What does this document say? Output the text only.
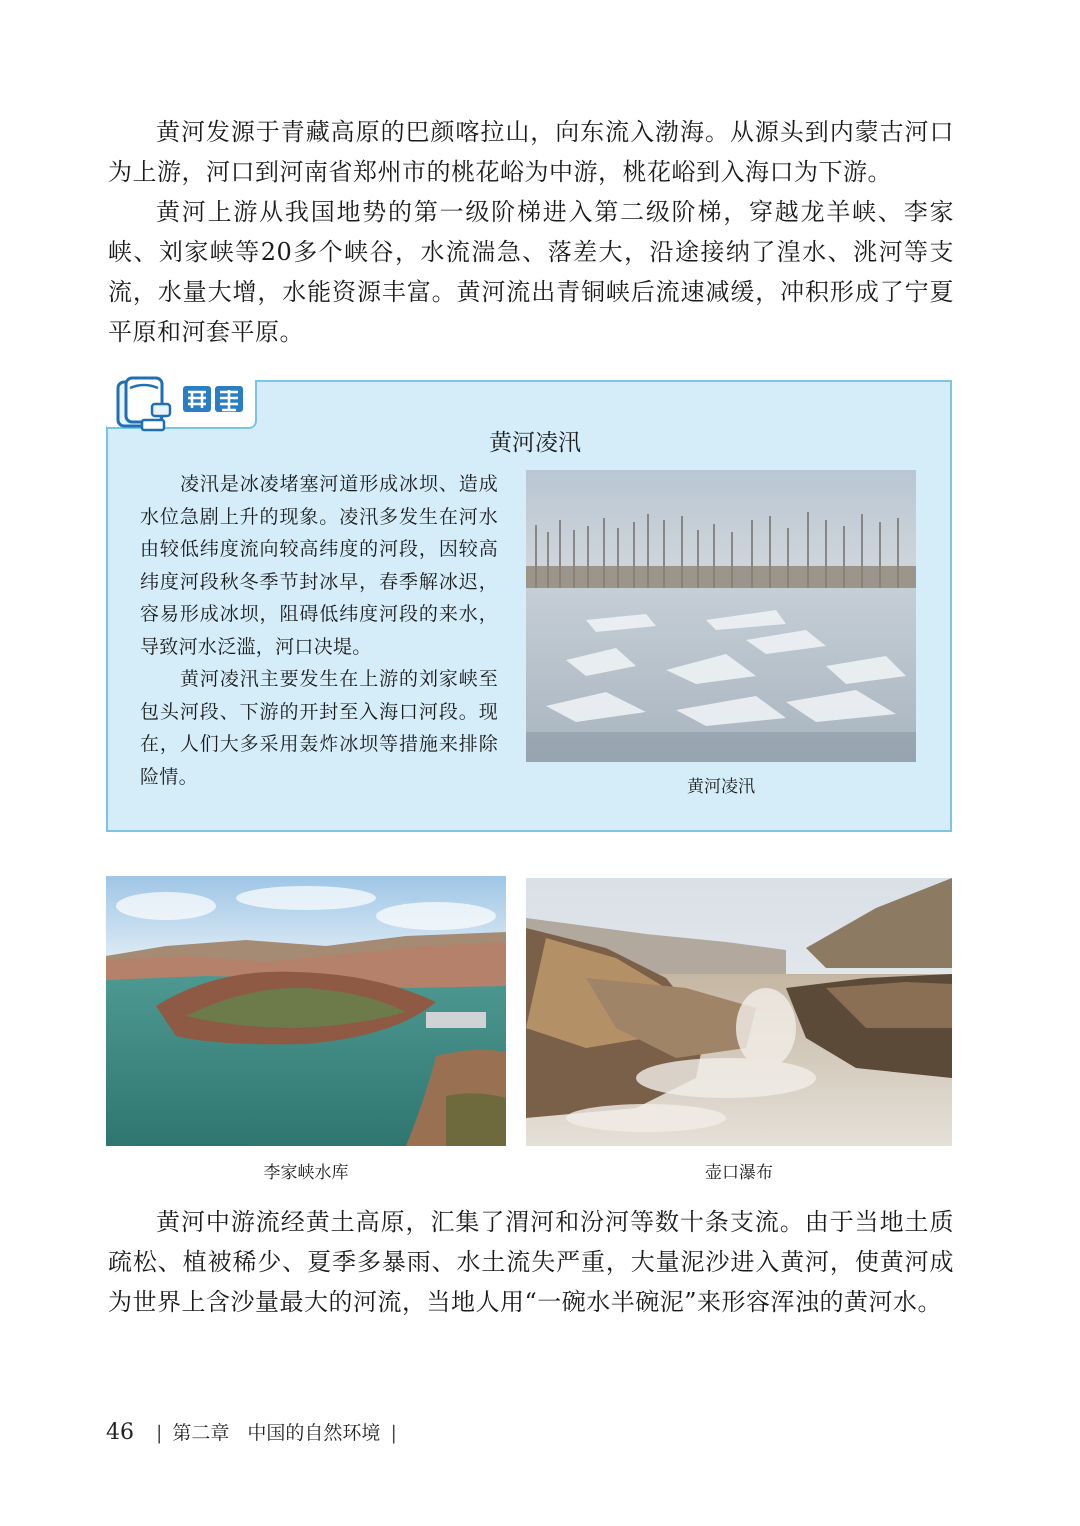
黄河发源于青藏高原的巴颜喀拉山，向东流入渤海。从源头到内蒙古河口为上游，河口到河南省郑州市的桃花峪为中游，桃花峪到入海口为下游。

黄河上游从我国地势的第一级阶梯进入第二级阶梯，穿越龙羊峡、李家峡、刘家峡等20多个峡谷，水流湍急、落差大，沿途接纳了湟水、洮河等支流，水量大增，水能资源丰富。黄河流出青铜峡后流速减缓，冲积形成了宁夏平原和河套平原。

黄河凌汛
凌汛是冰凌堵塞河道形成冰坝、造成水位急剧上升的现象。凌汛多发生在河水由较低纬度流向较高纬度的河段，因较高纬度河段秋冬季节封冰早，春季解冰迟，容易形成冰坝，阻碍低纬度河段的来水，导致河水泛滥，河口决堤。
黄河凌汛主要发生在上游的刘家峡至包头河段、下游的开封至入海口河段。现在，人们大多采用轰炸冰坝等措施来排除险情。	黄河凌汛
李家峡水库	壶口瀑布

黄河中游流经黄土高原，汇集了渭河和汾河等数十条支流。由于当地土质疏松、植被稀少、夏季多暴雨、水土流失严重，大量泥沙进入黄河，使黄河成为世界上含沙量最大的河流，当地人用“一碗水半碗泥”来形容浑浊的黄河水。

46 | 第二章 中国的自然环境 |
